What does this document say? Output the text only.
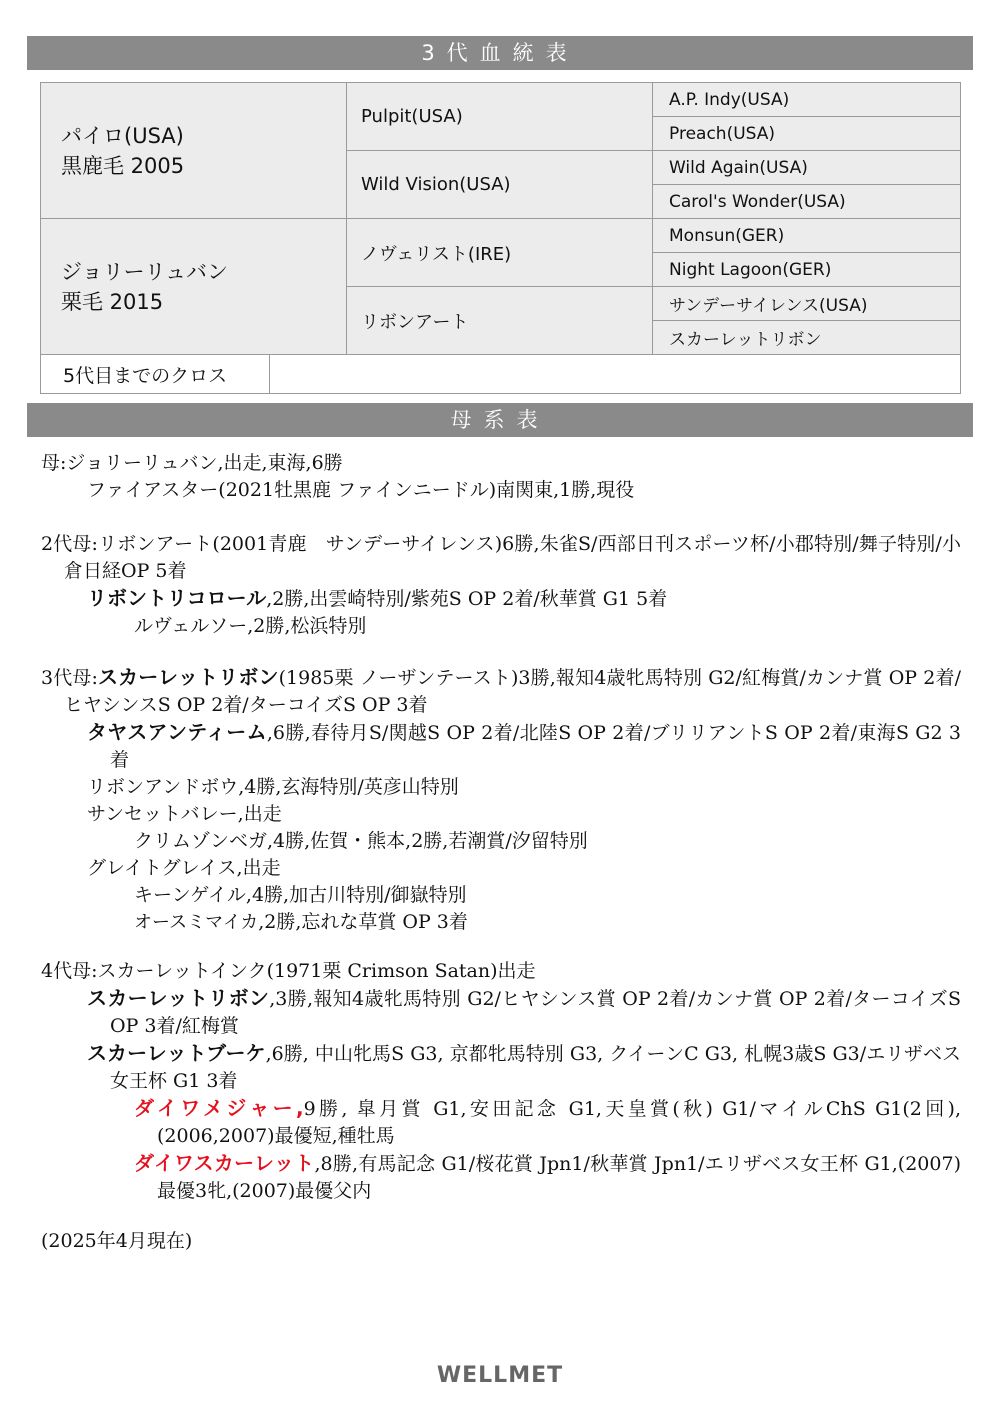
3代血統表
パイロ(USA)
黒鹿毛 2005
	Pulpit(USA)	A.P. Indy(USA)
Preach(USA)
Wild Vision(USA)	Wild Again(USA)
Carol's Wonder(USA)

ジョリーリュバン
栗毛 2015
	ノヴェリスト(IRE)	Monsun(GER)
Night Lagoon(GER)
リボンアート	サンデーサイレンス(USA)
スカーレットリボン

5代目までのクロス	
母系表
母:ジョリーリュバン,出走,東海,6勝
ファイアスター(2021牡黒鹿 ファインニードル)南関東,1勝,現役
2代母:リボンアート(2001青鹿　サンデーサイレンス)6勝,朱雀S/西部日刊スポーツ杯/小郡特別/舞子特別/小倉日経OP 5着
リボントリコロール,2勝,出雲崎特別/紫苑S OP 2着/秋華賞 G1 5着
ルヴェルソー,2勝,松浜特別
3代母:スカーレットリボン(1985栗 ノーザンテースト)3勝,報知4歳牝馬特別 G2/紅梅賞/カンナ賞 OP 2着/ヒヤシンスS OP 2着/ターコイズS OP 3着
タヤスアンティーム,6勝,春待月S/関越S OP 2着/北陸S OP 2着/ブリリアントS OP 2着/東海S G2 3着
リボンアンドボウ,4勝,玄海特別/英彦山特別
サンセットバレー,出走
クリムゾンベガ,4勝,佐賀・熊本,2勝,若潮賞/汐留特別
グレイトグレイス,出走
キーンゲイル,4勝,加古川特別/御嶽特別
オースミマイカ,2勝,忘れな草賞 OP 3着
4代母:スカーレットインク(1971栗 Crimson Satan)出走
スカーレットリボン,3勝,報知4歳牝馬特別 G2/ヒヤシンス賞 OP 2着/カンナ賞 OP 2着/ターコイズS OP 3着/紅梅賞
スカーレットブーケ,6勝, 中山牝馬S G3, 京都牝馬特別 G3, クイーンC G3, 札幌3歳S G3/エリザベス女王杯 G1 3着
ダイワメジャー,9勝, 皐月賞 G1,安田記念 G1,天皇賞(秋) G1/マイルChS G1(2回),(2006,2007)最優短,種牡馬
ダイワスカーレット,8勝,有馬記念 G1/桜花賞 Jpn1/秋華賞 Jpn1/エリザベス女王杯 G1,(2007)最優3牝,(2007)最優父内
(2025年4月現在)
WELLMET
